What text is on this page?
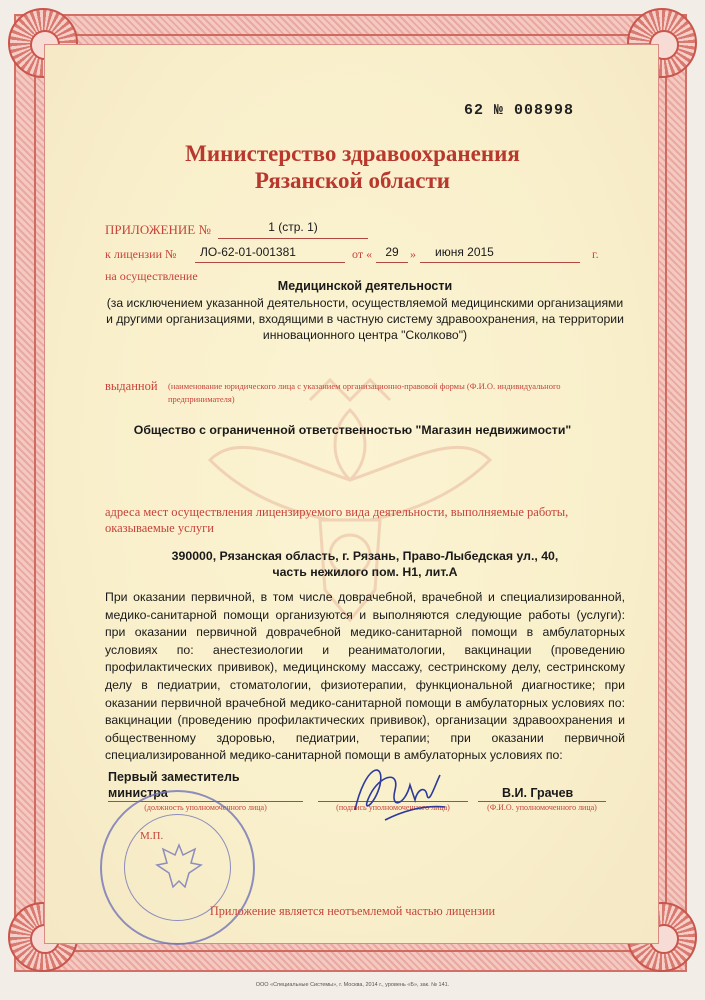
62 № 008998
Министерство здравоохранения
Рязанской области
ПРИЛОЖЕНИЕ №	1 (стр. 1)
к лицензии № ЛО-62-01-001381	от «	29 » июня 2015	г.
на осуществление
Медицинской деятельности
(за исключением указанной деятельности, осуществляемой медицинскими организациями и другими организациями, входящими в частную систему здравоохранения, на территории инновационного центра "Сколково")
выданной (наименование юридического лица с указанием организационно-правовой формы (Ф.И.О. индивидуального предпринимателя)
Общество с ограниченной ответственностью "Магазин недвижимости"
адреса мест осуществления лицензируемого вида деятельности, выполняемые работы, оказываемые услуги
390000, Рязанская область, г. Рязань, Право-Лыбедская ул., 40,
часть нежилого пом. Н1, лит.А
При оказании первичной, в том числе доврачебной, врачебной и специализированной, медико-санитарной помощи организуются и выполняются следующие работы (услуги): при оказании первичной доврачебной медико-санитарной помощи в амбулаторных условиях по: анестезиологии и реаниматологии, вакцинации (проведению профилактических прививок), медицинскому массажу, сестринскому делу, сестринскому делу в педиатрии, стоматологии, физиотерапии, функциональной диагностике; при оказании первичной врачебной медико-санитарной помощи в амбулаторных условиях по: вакцинации (проведению профилактических прививок), организации здравоохранения и общественному здоровью, педиатрии, терапии; при оказании первичной специализированной медико-санитарной помощи в амбулаторных условиях по:
Первый заместитель
министра
(должность уполномоченного лица)	(подпись уполномоченного лица)
В.И. Грачев
(Ф.И.О. уполномоченного лица)
М.П.
Приложение является неотъемлемой частью лицензии
ООО «Специальные Системы», г. Москва, 2014 г., уровень «Б», зак. № 141.
